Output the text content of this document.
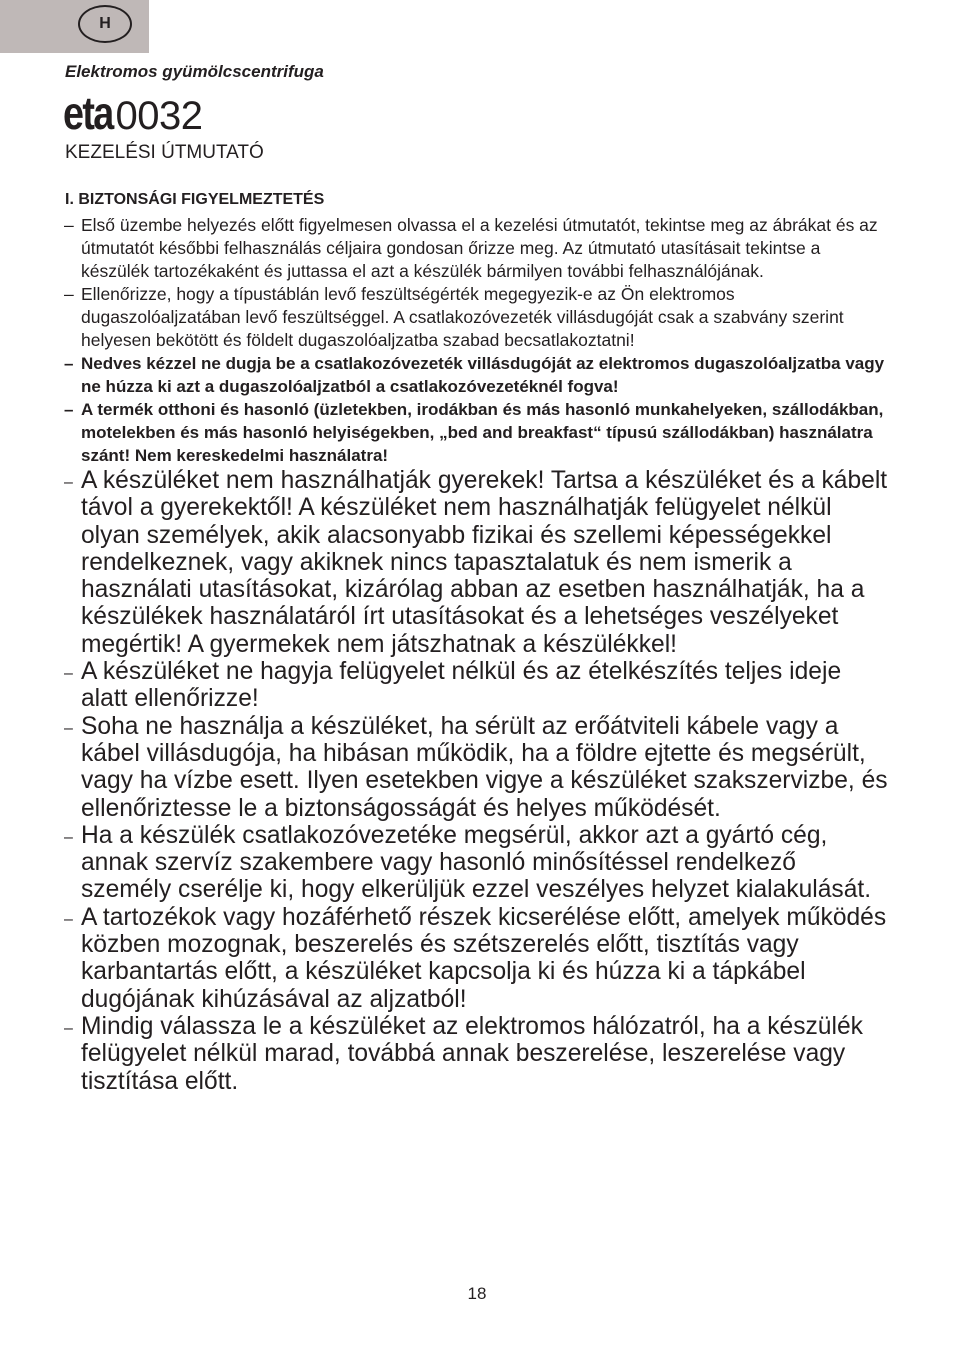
H
Elektromos gyümölcscentrifuga
eta0032
KEZELÉSI ÚTMUTATÓ
I. BIZTONSÁGI FIGYELMEZTETÉS
– Első üzembe helyezés előtt figyelmesen olvassa el a kezelési útmutatót, tekintse meg az ábrákat és az útmutatót későbbi felhasználás céljaira gondosan őrizze meg. Az útmutató utasításait tekintse a készülék tartozékaként és juttassa el azt a készülék bármilyen további felhasználójának.
– Ellenőrizze, hogy a típustáblán levő feszültségérték megegyezik-e az Ön elektromos dugaszolóaljzatában levő feszültséggel. A csatlakozóvezeték villásdugóját csak a szabvány szerint helyesen bekötött és földelt dugaszolóaljzatba szabad becsatlakoztatni!
– Nedves kézzel ne dugja be a csatlakozóvezeték villásdugóját az elektromos dugaszolóaljzatba vagy ne húzza ki azt a dugaszolóaljzatból a csatlakozóvezetéknél fogva!
– A termék otthoni és hasonló (üzletekben, irodákban és más hasonló munkahelyeken, szállodákban, motelekben és más hasonló helyiségekben, „bed and breakfast“ típusú szállodákban) használatra szánt! Nem kereskedelmi használatra!
– A készüléket nem használhatják gyerekek! Tartsa a készüléket és a kábelt távol a gyerekektől! A készüléket nem használhatják felügyelet nélkül olyan személyek, akik alacsonyabb fizikai és szellemi képességekkel rendelkeznek, vagy akiknek nincs tapasztalatuk és nem ismerik a használati utasításokat, kizárólag abban az esetben használhatják, ha a készülékek használatáról írt utasításokat és a lehetséges veszélyeket megértik! A gyermekek nem játszhatnak a készülékkel!
– A készüléket ne hagyja felügyelet nélkül és az ételkészítés teljes ideje alatt ellenőrizze!
– Soha ne használja a készüléket, ha sérült az erőátviteli kábele vagy a kábel villásdugója, ha hibásan működik, ha a földre ejtette és megsérült, vagy ha vízbe esett. Ilyen esetekben vigye a készüléket szakszervizbe, és ellenőriztesse le a biztonságosságát és helyes működését.
– Ha a készülék csatlakozóvezetéke megsérül, akkor azt a gyártó cég, annak szervíz szakembere vagy hasonló minősítéssel rendelkező személy cserélje ki, hogy elkerüljük ezzel veszélyes helyzet kialakulását.
– A tartozékok vagy hozáférhető részek kicserélése előtt, amelyek működés közben mozognak, beszerelés és szétszerelés előtt, tisztítás vagy karbantartás előtt, a készüléket kapcsolja ki és húzza ki a tápkábel dugójának kihúzásával az aljzatból!
– Mindig válassza le a készüléket az elektromos hálózatról, ha a készülék felügyelet nélkül marad, továbbá annak beszerelése, leszerelése vagy tisztítása előtt.
18
